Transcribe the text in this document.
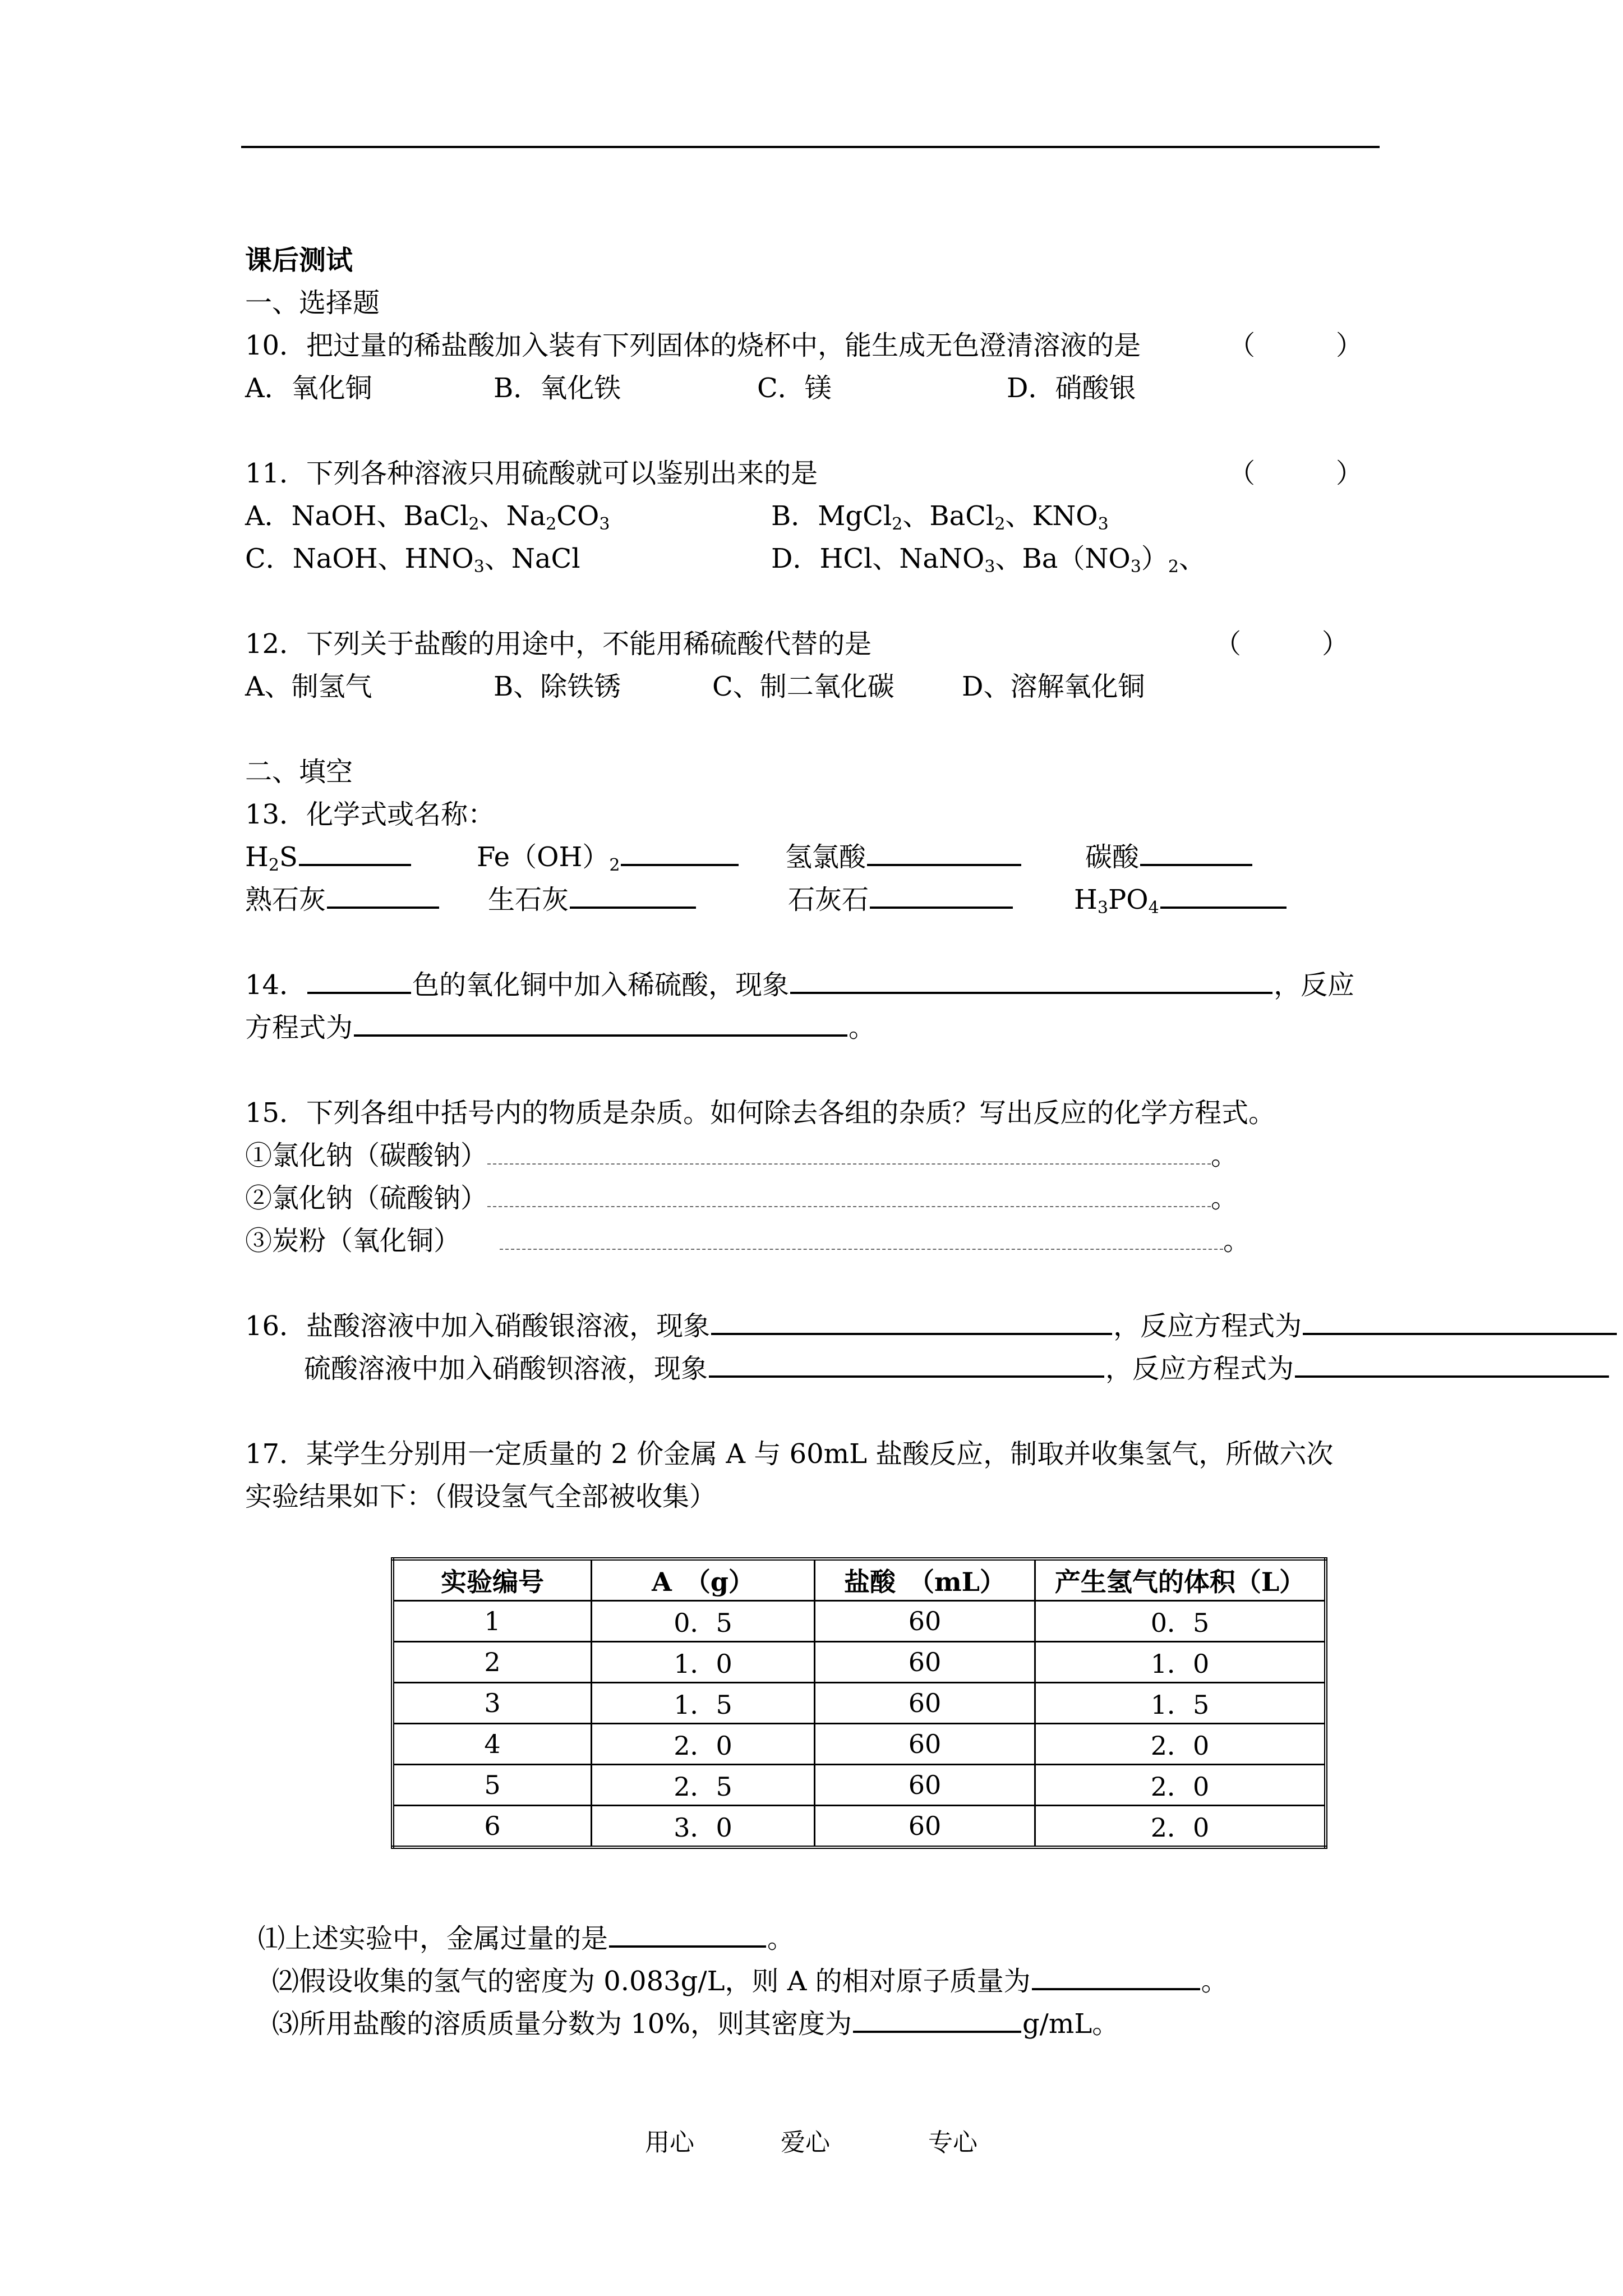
课后测试
一、选择题
10．把过量的稀盐酸加入装有下列固体的烧杯中，能生成无色澄清溶液的是	（　　　）
A．氧化铜	B．氧化铁	C．镁	D．硝酸银
11．下列各种溶液只用硫酸就可以鉴别出来的是	（　　　）
A．NaOH、BaCl$_2$、$Na_2CO_3$	B．MgCl$_2$、BaCl$_2$、$KNO_3$
C．NaOH、$HNO_3$、NaCl	D．HCl、NaNO$_3$、$Ba(NO_3)_2$、
12．下列关于盐酸的用途中，不能用稀硫酸代替的是	（　　　）
A、制氢气	B、除铁锈	C、制二氧化碳	D、溶解氧化铜
二、填空
13．化学式或名称：
$H_2S$	$Fe(OH)_2$	氢氯酸	碳酸
熟石灰	生石灰	石灰石	$H_3PO_4$
14．	色的氧化铜中加入稀硫酸，现象	，反应
方程式为	。
15．下列各组中括号内的物质是杂质。如何除去各组的杂质？写出反应的化学方程式。
①氯化钠（碳酸钠）	。
②氯化钠（硫酸钠）	。
③炭粉（氧化铜）	。
16．盐酸溶液中加入硝酸银溶液，现象	，反应方程式为
硫酸溶液中加入硝酸钡溶液，现象	，反应方程式为
17．某学生分别用一定质量的 2 价金属 A 与 60mL 盐酸反应，制取并收集氢气，所做六次
实验结果如下：（假设氢气全部被收集）
实验编号	A　（g）	盐酸　（mL）	产生氢气的体积（L）
1	0．5	60	0．5
2	1．0	60	1．0
3	1．5	60	1．5
4	2．0	60	2．0
5	2．5	60	2．0
6	3．0	60	2．0
⑴上述实验中，金属过量的是	。
⑵假设收集的氢气的密度为 0.083g/L，则 A 的相对原子质量为	。
⑶所用盐酸的溶质质量分数为 10%，则其密度为	g/mL。
用心	爱心	专心
